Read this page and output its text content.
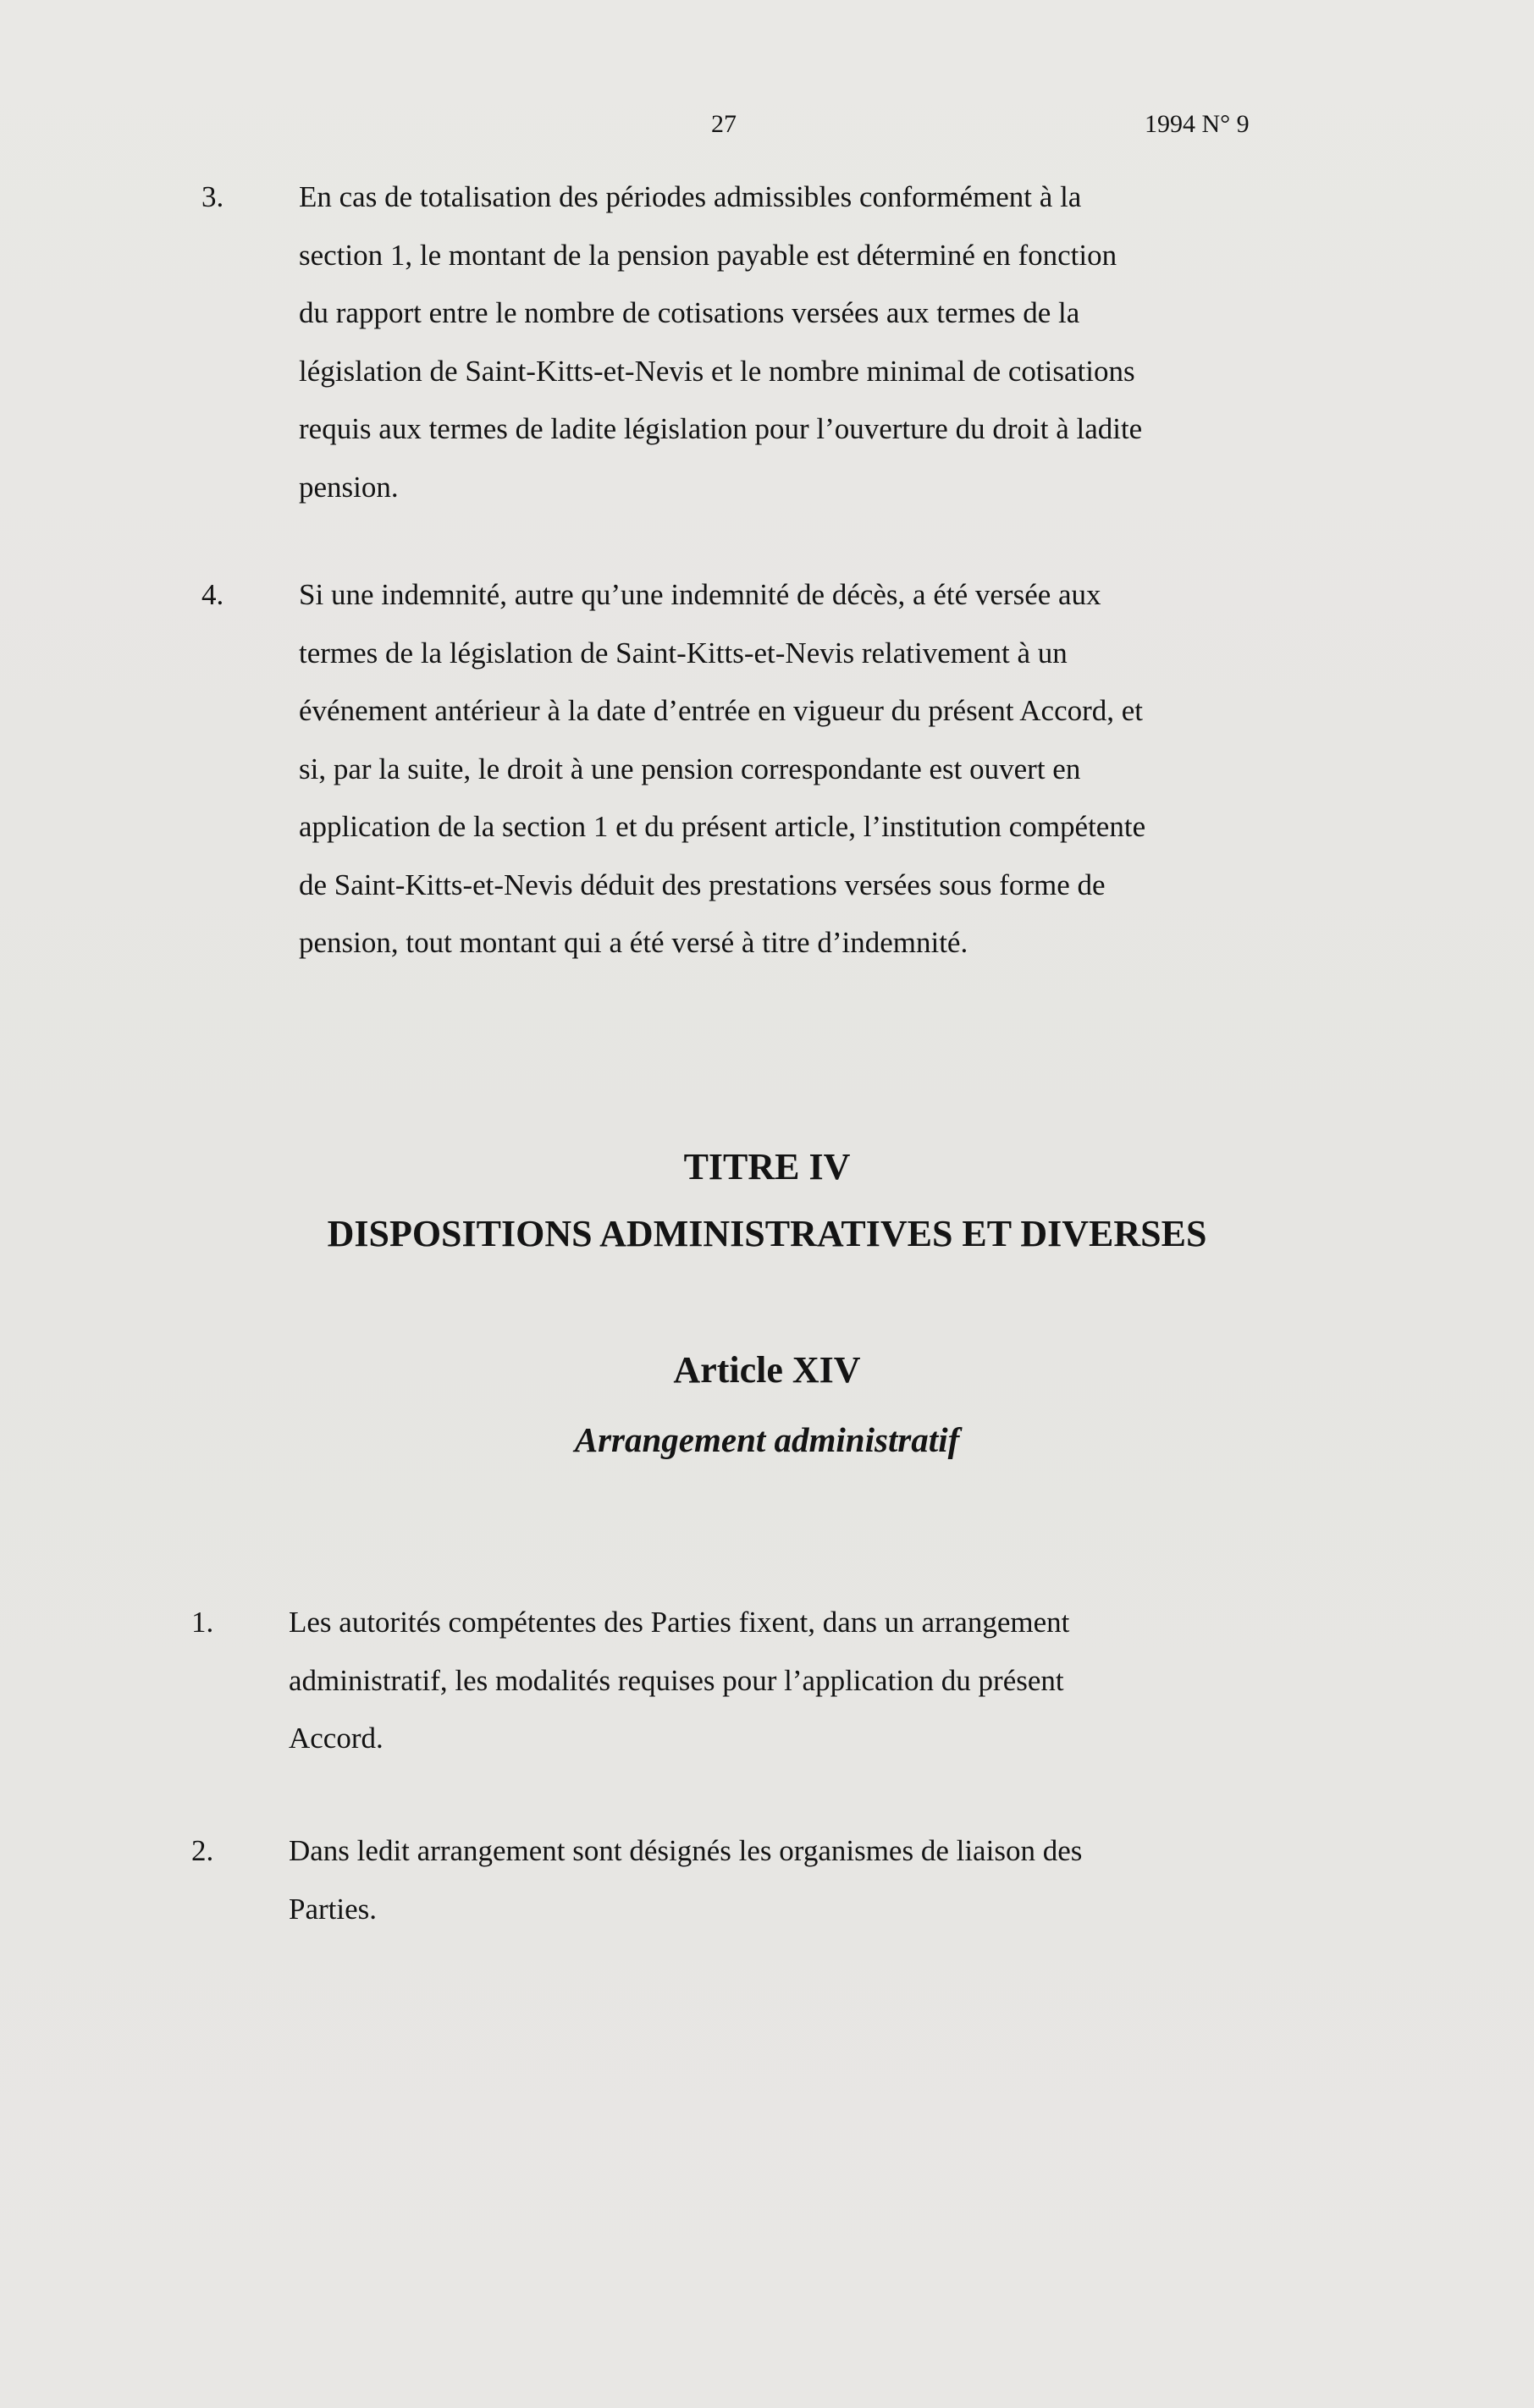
27	1994 N° 9
3.	En cas de totalisation des périodes admissibles conformément à la
section 1, le montant de la pension payable est déterminé en fonction
du rapport entre le nombre de cotisations versées aux termes de la
législation de Saint-Kitts-et-Nevis et le nombre minimal de cotisations
requis aux termes de ladite législation pour l’ouverture du droit à ladite
pension.
4.	Si une indemnité, autre qu’une indemnité de décès, a été versée aux
termes de la législation de Saint-Kitts-et-Nevis relativement à un
événement antérieur à la date d’entrée en vigueur du présent Accord, et
si, par la suite, le droit à une pension correspondante est ouvert en
application de la section 1 et du présent article, l’institution compétente
de Saint-Kitts-et-Nevis déduit des prestations versées sous forme de
pension, tout montant qui a été versé à titre d’indemnité.
TITRE IV
DISPOSITIONS ADMINISTRATIVES ET DIVERSES
Article XIV
Arrangement administratif
1.	Les autorités compétentes des Parties fixent, dans un arrangement
administratif, les modalités requises pour l’application du présent
Accord.
2.	Dans ledit arrangement sont désignés les organismes de liaison des
Parties.
